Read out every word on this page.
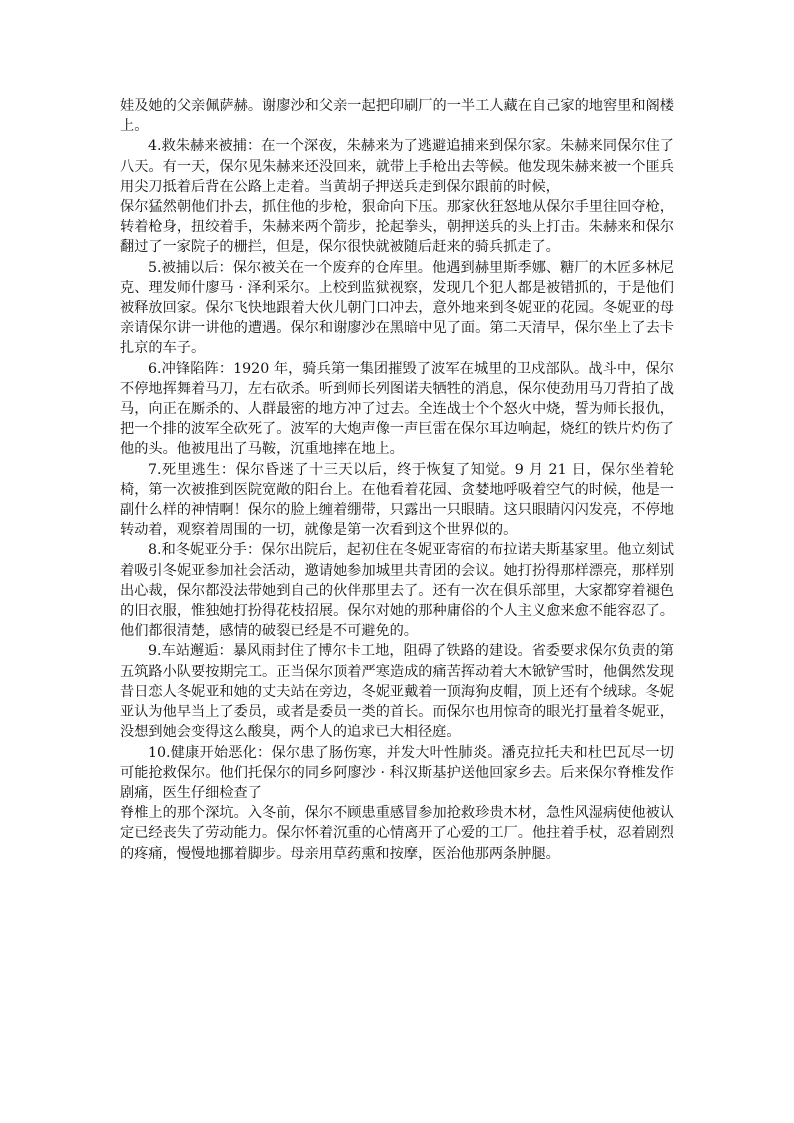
娃及她的父亲佩萨赫。谢廖沙和父亲一起把印刷厂的一半工人藏在自己家的地窖里和阁楼上。

4.救朱赫来被捕：在一个深夜，朱赫来为了逃避追捕来到保尔家。朱赫来同保尔住了八天。有一天，保尔见朱赫来还没回来，就带上手枪出去等候。他发现朱赫来被一个匪兵用尖刀抵着后背在公路上走着。当黄胡子押送兵走到保尔跟前的时候，

保尔猛然朝他们扑去，抓住他的步枪，狠命向下压。那家伙狂怒地从保尔手里往回夺枪，转着枪身，扭绞着手，朱赫来两个箭步，抡起拳头，朝押送兵的头上打击。朱赫来和保尔翻过了一家院子的栅拦，但是，保尔很快就被随后赶来的骑兵抓走了。

5.被捕以后：保尔被关在一个废弃的仓库里。他遇到赫里斯季娜、糖厂的木匠多林尼克、理发师什廖马 · 泽利采尔。上校到监狱视察，发现几个犯人都是被错抓的，于是他们被释放回家。保尔飞快地跟着大伙儿朝门口冲去，意外地来到冬妮亚的花园。冬妮亚的母亲请保尔讲一讲他的遭遇。保尔和谢廖沙在黑暗中见了面。第二天清早，保尔坐上了去卡扎京的车子。

6.冲锋陷阵：1920 年，骑兵第一集团摧毁了波军在城里的卫戍部队。战斗中，保尔不停地挥舞着马刀，左右砍杀。听到师长列图诺夫牺牲的消息，保尔使劲用马刀背拍了战马，向正在厮杀的、人群最密的地方冲了过去。全连战士个个怒火中烧，誓为师长报仇，把一个排的波军全砍死了。波军的大炮声像一声巨雷在保尔耳边响起，烧红的铁片灼伤了他的头。他被甩出了马鞍，沉重地摔在地上。

7.死里逃生：保尔昏迷了十三天以后，终于恢复了知觉。9 月 21 日，保尔坐着轮椅，第一次被推到医院宽敞的阳台上。在他看着花园、贪婪地呼吸着空气的时候，他是一副什么样的神情啊！保尔的脸上缠着绷带，只露出一只眼睛。这只眼睛闪闪发亮，不停地转动着，观察着周围的一切，就像是第一次看到这个世界似的。

8.和冬妮亚分手：保尔出院后，起初住在冬妮亚寄宿的布拉诺夫斯基家里。他立刻试着吸引冬妮亚参加社会活动，邀请她参加城里共青团的会议。她打扮得那样漂亮，那样别出心裁，保尔都没法带她到自己的伙伴那里去了。还有一次在俱乐部里，大家都穿着褪色的旧衣服，惟独她打扮得花枝招展。保尔对她的那种庸俗的个人主义愈来愈不能容忍了。他们都很清楚，感情的破裂已经是不可避免的。

9.车站邂逅：暴风雨封住了博尔卡工地，阻碍了铁路的建设。省委要求保尔负责的第五筑路小队要按期完工。正当保尔顶着严寒造成的痛苦挥动着大木锨铲雪时，他偶然发现昔日恋人冬妮亚和她的丈夫站在旁边，冬妮亚戴着一顶海狗皮帽，顶上还有个绒球。冬妮亚认为他早当上了委员，或者是委员一类的首长。而保尔也用惊奇的眼光打量着冬妮亚，没想到她会变得这么酸臭，两个人的追求已大相径庭。

10.健康开始恶化：保尔患了肠伤寒，并发大叶性肺炎。潘克拉托夫和杜巴瓦尽一切可能抢救保尔。他们托保尔的同乡阿廖沙 · 科汉斯基护送他回家乡去。后来保尔脊椎发作剧痛，医生仔细检查了

脊椎上的那个深坑。入冬前，保尔不顾患重感冒参加抢救珍贵木材，急性风湿病使他被认定已经丧失了劳动能力。保尔怀着沉重的心情离开了心爱的工厂。他拄着手杖，忍着剧烈的疼痛，慢慢地挪着脚步。母亲用草药熏和按摩，医治他那两条肿腿。
